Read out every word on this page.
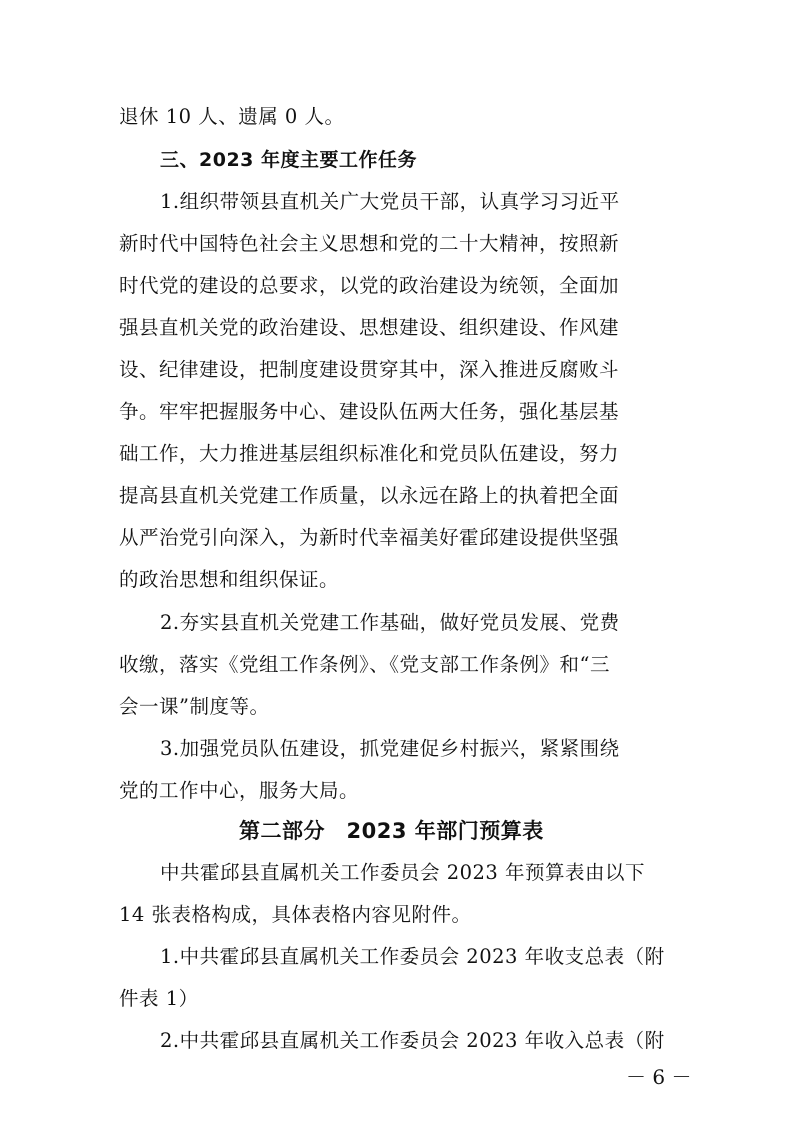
退休 10 人、遗属 0 人。
三、2023 年度主要工作任务
1.组织带领县直机关广大党员干部，认真学习习近平
新时代中国特色社会主义思想和党的二十大精神，按照新
时代党的建设的总要求，以党的政治建设为统领，全面加
强县直机关党的政治建设、思想建设、组织建设、作风建
设、纪律建设，把制度建设贯穿其中，深入推进反腐败斗
争。牢牢把握服务中心、建设队伍两大任务，强化基层基
础工作，大力推进基层组织标准化和党员队伍建设，努力
提高县直机关党建工作质量，以永远在路上的执着把全面
从严治党引向深入，为新时代幸福美好霍邱建设提供坚强
的政治思想和组织保证。
2.夯实县直机关党建工作基础，做好党员发展、党费
收缴，落实《党组工作条例》、《党支部工作条例》和“三
会一课”制度等。
3.加强党员队伍建设，抓党建促乡村振兴，紧紧围绕
党的工作中心，服务大局。
第二部分　2023 年部门预算表
中共霍邱县直属机关工作委员会 2023 年预算表由以下
14 张表格构成，具体表格内容见附件。
1.中共霍邱县直属机关工作委员会 2023 年收支总表（附
件表 1）
2.中共霍邱县直属机关工作委员会 2023 年收入总表（附
－ 6 －
